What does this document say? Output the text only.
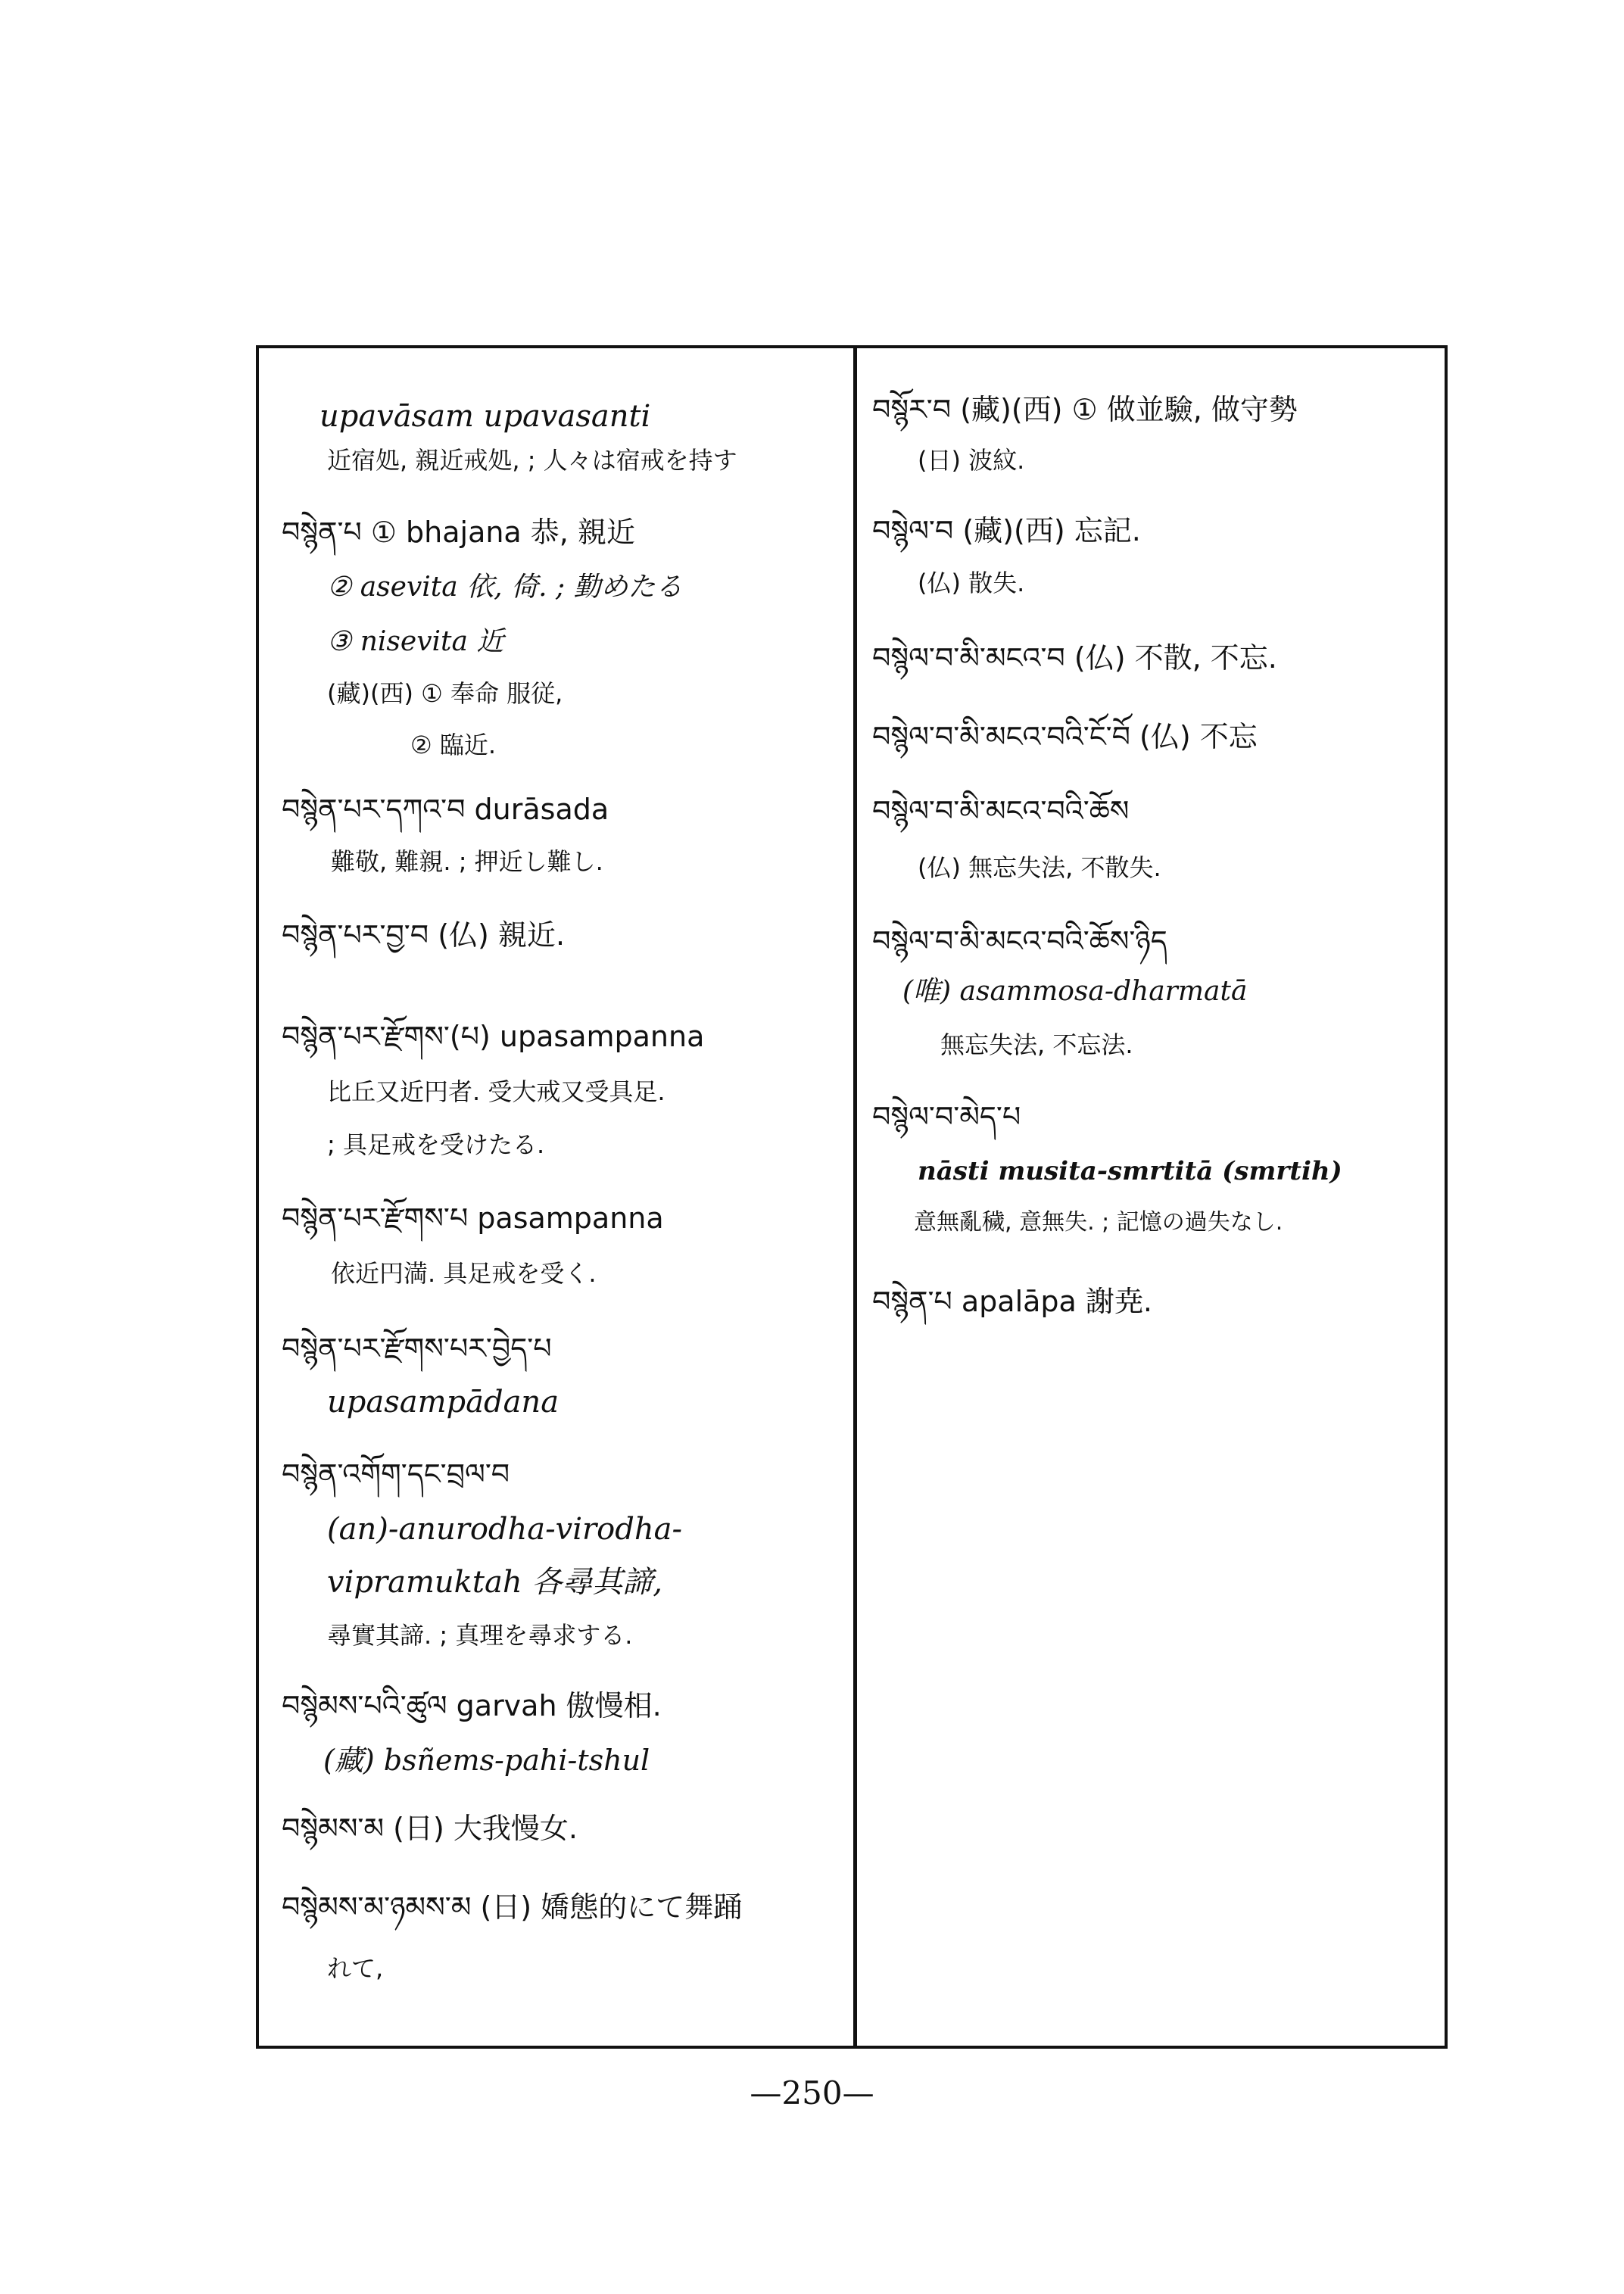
upavāsam upavasanti
近宿処, 親近戒処, ; 人々は宿戒を持す
བསྙེན་པ ① bhajana 恭, 親近
② asevita 依, 倚. ; 勤めたる
③ nisevita 近
(藏)(西) ① 奉命 服従,
② 臨近.
བསྙེན་པར་དཀའ་བ durāsada
難敬, 難親. ; 押近し難し.
བསྙེན་པར་བྱ་བ (仏) 親近.
བསྙེན་པར་རྫོགས་(པ) upasampanna
比丘又近円者. 受大戒又受具足.
; 具足戒を受けたる.
བསྙེན་པར་རྫོགས་པ pasampanna
依近円満. 具足戒を受く.
བསྙེན་པར་རྫོགས་པར་བྱེད་པ
upasampādana
བསྙེན་འགོག་དང་བྲལ་བ
(an)-anurodha-virodha-
vipramuktah 各尋其諦,
尋實其諦. ; 真理を尋求する.
བསྙེམས་པའི་ཚུལ garvah 傲慢相.
(藏) bsñems-pahi-tshul
བསྙེམས་མ (日) 大我慢女.
བསྙེམས་མ་ཉམས་མ (日) 嬌態的にて舞踊
れて,
བསྙོར་བ (藏)(西) ① 做並驗, 做守勢
(日) 波紋.
བསྙེལ་བ (藏)(西) 忘記.
(仏) 散失.
བསྙེལ་བ་མི་མངའ་བ (仏) 不散, 不忘.
བསྙེལ་བ་མི་མངའ་བའི་ངོ་བོ (仏) 不忘
བསྙེལ་བ་མི་མངའ་བའི་ཆོས
(仏) 無忘失法, 不散失.
བསྙེལ་བ་མི་མངའ་བའི་ཆོས་ཉིད
(唯) asammosa-dharmatā
無忘失法, 不忘法.
བསྙེལ་བ་མེད་པ
nāsti musita-smrtitā (smrtih)
意無亂穢, 意無失. ; 記憶の過失なし.
བསྙེན་པ apalāpa 謝尭.
—250—
